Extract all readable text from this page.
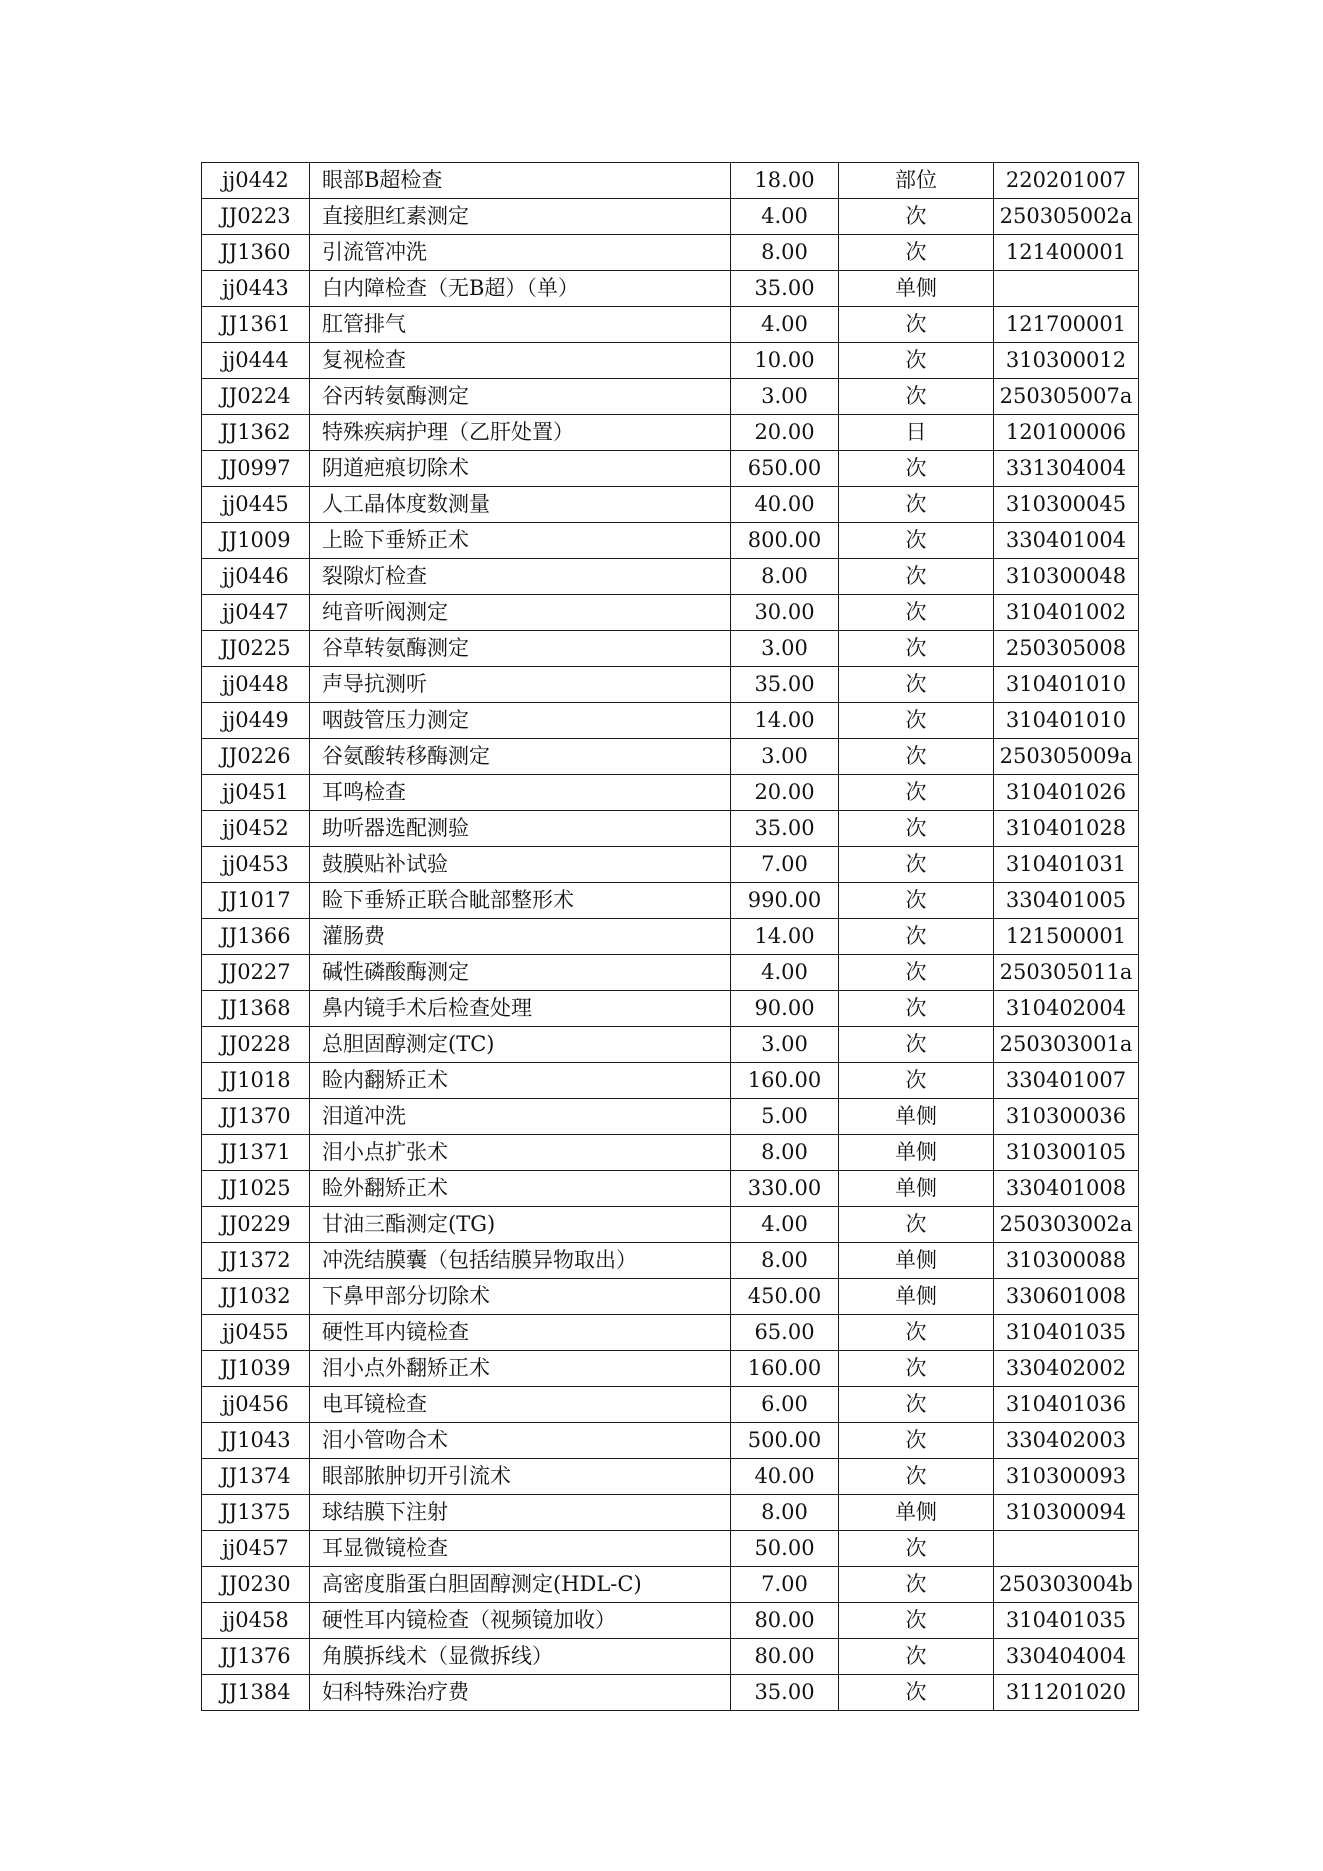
jj0442	眼部B超检查	18.00	部位	220201007
JJ0223	直接胆红素测定	4.00	次	250305002a
JJ1360	引流管冲洗	8.00	次	121400001
jj0443	白内障检查（无B超）（单）	35.00	单侧	
JJ1361	肛管排气	4.00	次	121700001
jj0444	复视检查	10.00	次	310300012
JJ0224	谷丙转氨酶测定	3.00	次	250305007a
JJ1362	特殊疾病护理（乙肝处置）	20.00	日	120100006
JJ0997	阴道疤痕切除术	650.00	次	331304004
jj0445	人工晶体度数测量	40.00	次	310300045
JJ1009	上睑下垂矫正术	800.00	次	330401004
jj0446	裂隙灯检查	8.00	次	310300048
jj0447	纯音听阀测定	30.00	次	310401002
JJ0225	谷草转氨酶测定	3.00	次	250305008
jj0448	声导抗测听	35.00	次	310401010
jj0449	咽鼓管压力测定	14.00	次	310401010
JJ0226	谷氨酸转移酶测定	3.00	次	250305009a
jj0451	耳鸣检查	20.00	次	310401026
jj0452	助听器选配测验	35.00	次	310401028
jj0453	鼓膜贴补试验	7.00	次	310401031
JJ1017	睑下垂矫正联合眦部整形术	990.00	次	330401005
JJ1366	灌肠费	14.00	次	121500001
JJ0227	碱性磷酸酶测定	4.00	次	250305011a
JJ1368	鼻内镜手术后检查处理	90.00	次	310402004
JJ0228	总胆固醇测定(TC)	3.00	次	250303001a
JJ1018	睑内翻矫正术	160.00	次	330401007
JJ1370	泪道冲洗	5.00	单侧	310300036
JJ1371	泪小点扩张术	8.00	单侧	310300105
JJ1025	睑外翻矫正术	330.00	单侧	330401008
JJ0229	甘油三酯测定(TG)	4.00	次	250303002a
JJ1372	冲洗结膜囊（包括结膜异物取出）	8.00	单侧	310300088
JJ1032	下鼻甲部分切除术	450.00	单侧	330601008
jj0455	硬性耳内镜检查	65.00	次	310401035
JJ1039	泪小点外翻矫正术	160.00	次	330402002
jj0456	电耳镜检查	6.00	次	310401036
JJ1043	泪小管吻合术	500.00	次	330402003
JJ1374	眼部脓肿切开引流术	40.00	次	310300093
JJ1375	球结膜下注射	8.00	单侧	310300094
jj0457	耳显微镜检查	50.00	次	
JJ0230	高密度脂蛋白胆固醇测定(HDL-C)	7.00	次	250303004b
jj0458	硬性耳内镜检查（视频镜加收）	80.00	次	310401035
JJ1376	角膜拆线术（显微拆线）	80.00	次	330404004
JJ1384	妇科特殊治疗费	35.00	次	311201020
